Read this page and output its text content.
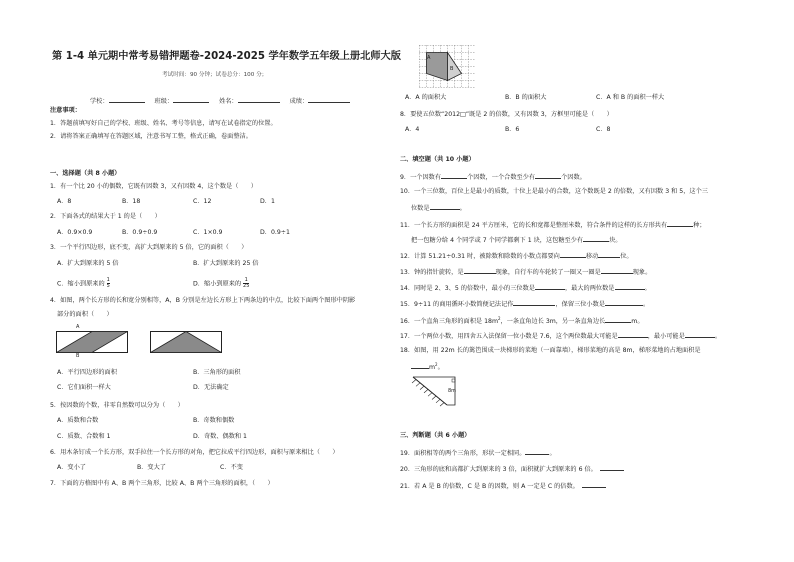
第 1-4 单元期中常考易错押题卷-2024-2025 学年数学五年级上册北师大版
考试时间：90 分钟；试卷总分：100 分；
学校：	班级：	姓名：	成绩：
注意事项：
1．答题前填写好自己的学校、班级、姓名、考号等信息，请写在试卷指定的位置。
2．请将答案正确填写在答题区域，注意书写工整，格式正确，卷面整洁。
一、选择题（共 8 小题）
1．有一个比 20 小的偶数，它既有因数 3，又有因数 4，这个数是（　　）
A．8	B．18	C．12	D．1
2．下面各式的结果大于 1 的是（　　）
A．0.9×0.9	B．0.9÷0.9	C．1×0.9	D．0.9÷1
3．一个平行四边形，底不变，高扩大到原来的 5 倍，它的面积（　　）
A．扩大到原来的 5 倍	B．扩大到原来的 25 倍
C．缩小到原来的 $\frac{1}{5}$	D．缩小到原来的 $\frac{1}{25}$
4．如图，两个长方形的长和宽分别相等，A，B 分别是左边长方形上下两条边的中点，比较下面两个图形中阴影
部分的面积（　　）
A
B
A．平行四边形的面积	B．三角形的面积
C．它们面积一样大	D．无法确定
5．按因数的个数，非零自然数可以分为（　　）
A．质数和合数	B．奇数和偶数
C．质数、合数和 1	D．奇数、偶数和 1
6．用木条钉成一个长方形，双手拉住一个长方形的对角，把它拉成平行四边形，面积与原来相比（　　）
A．变小了	B．变大了	C．不变
7．下面的方格图中有 A、B 两个三角形，比较 A、B 两个三角形的面积，（　　）
A
B
A．A 的面积大	B．B 的面积大	C．A 和 B 的面积一样大
8．要使五位数“2012□”既是 2 的倍数，又有因数 3，方框里可能是（　　）
A．4	B．6	C．8
二、填空题（共 10 小题）
9．一个因数有	个因数，一个合数至少有	个因数。
10．一个三位数，百位上是最小的质数，十位上是最小的合数，这个数既是 2 的倍数，又有因数 3 和 5，这个三
位数是	。
11．一个长方形的面积是 24 平方厘米，它的长和宽都是整厘米数，符合条件的这样的长方形共有	种；
把一包糖分给 4 个同学或 7 个同学都剩下 1 块，这包糖至少有	块。
12．计算 51.21÷0.31 时，被除数和除数的小数点都要向	移动	位。
13．钟的指针旋转，是	现象，自行车的车轮转了一圈又一圈是	现象。
14．同时是 2、3、5 的倍数中，最小的三位数是	，最大的两位数是	。
15．9÷11 的商用循环小数简便记法记作	，保留三位小数是	。
16．一个直角三角形的面积是 $18m^2$，一条直角边长 3m，另一条直角边长	m。
17．一个两位小数，用四舍五入法保留一位小数是 7.6，这个两位数最大可能是	，最小可能是	。
18．如图，用 22m 长的篱笆围成一块梯形的菜地（一面靠墙），梯形菜地的高是 8m，梯形菜地的占地面积是
$m^2$。
8m
三、判断题（共 6 小题）
19．面积相等的两个三角形，形状一定相同。	。
20．三角形的底和高都扩大到原来的 3 倍，面积就扩大到原来的 6 倍。
21．若 A 是 B 的倍数，C 是 B 的因数，则 A 一定是 C 的倍数。
